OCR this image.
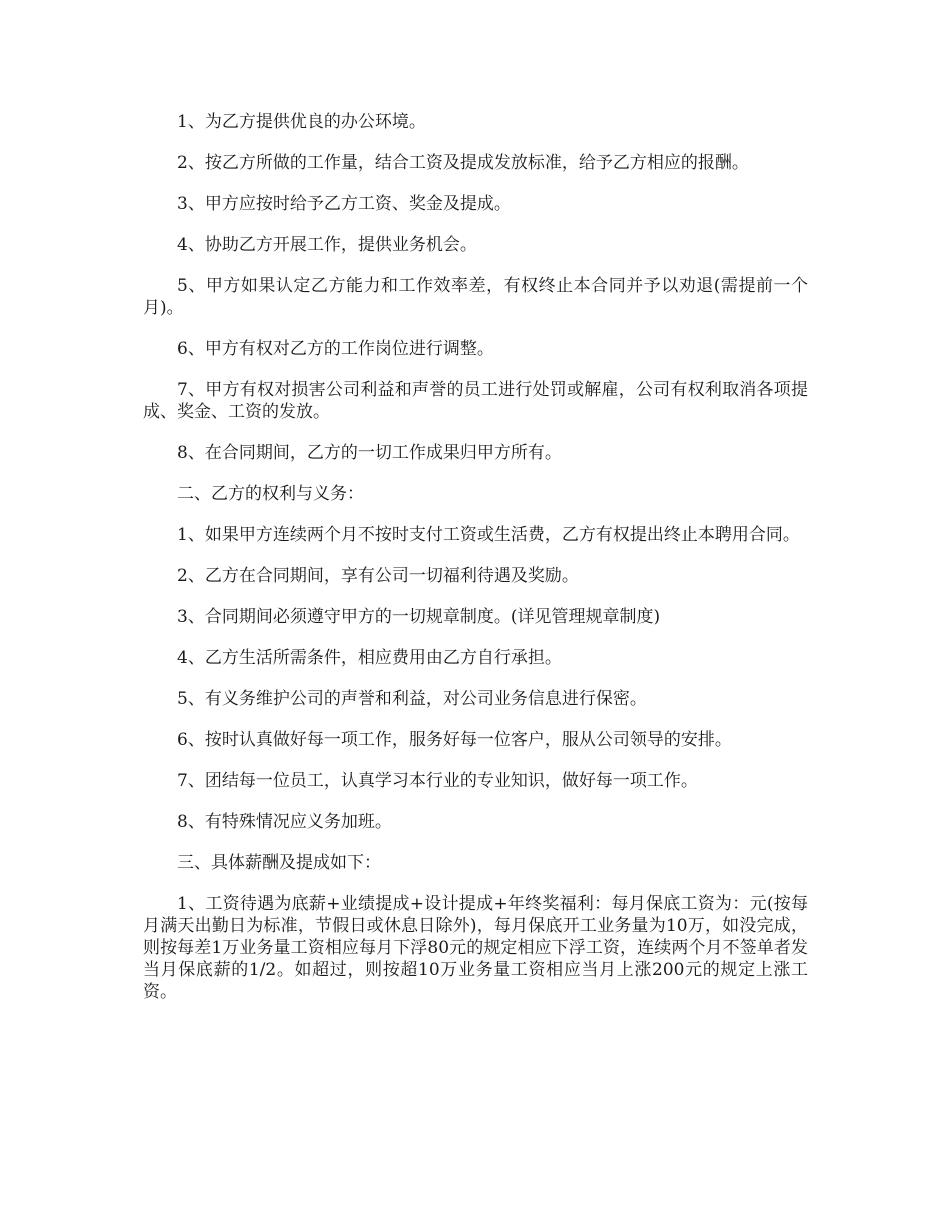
1、为乙方提供优良的办公环境。

2、按乙方所做的工作量，结合工资及提成发放标准，给予乙方相应的报酬。

3、甲方应按时给予乙方工资、奖金及提成。

4、协助乙方开展工作，提供业务机会。

5、甲方如果认定乙方能力和工作效率差，有权终止本合同并予以劝退(需提前一个月)。

6、甲方有权对乙方的工作岗位进行调整。

7、甲方有权对损害公司利益和声誉的员工进行处罚或解雇，公司有权利取消各项提成、奖金、工资的发放。

8、在合同期间，乙方的一切工作成果归甲方所有。

二、乙方的权利与义务：

1、如果甲方连续两个月不按时支付工资或生活费，乙方有权提出终止本聘用合同。

2、乙方在合同期间，享有公司一切福利待遇及奖励。

3、合同期间必须遵守甲方的一切规章制度。(详见管理规章制度)

4、乙方生活所需条件，相应费用由乙方自行承担。

5、有义务维护公司的声誉和利益，对公司业务信息进行保密。

6、按时认真做好每一项工作，服务好每一位客户，服从公司领导的安排。

7、团结每一位员工，认真学习本行业的专业知识，做好每一项工作。

8、有特殊情况应义务加班。

三、具体薪酬及提成如下：

1、工资待遇为底薪+业绩提成+设计提成+年终奖福利：每月保底工资为：元(按每月满天出勤日为标准，节假日或休息日除外)，每月保底开工业务量为10万，如没完成，则按每差1万业务量工资相应每月下浮80元的规定相应下浮工资，连续两个月不签单者发当月保底薪的1/2。如超过，则按超10万业务量工资相应当月上涨200元的规定上涨工资。
